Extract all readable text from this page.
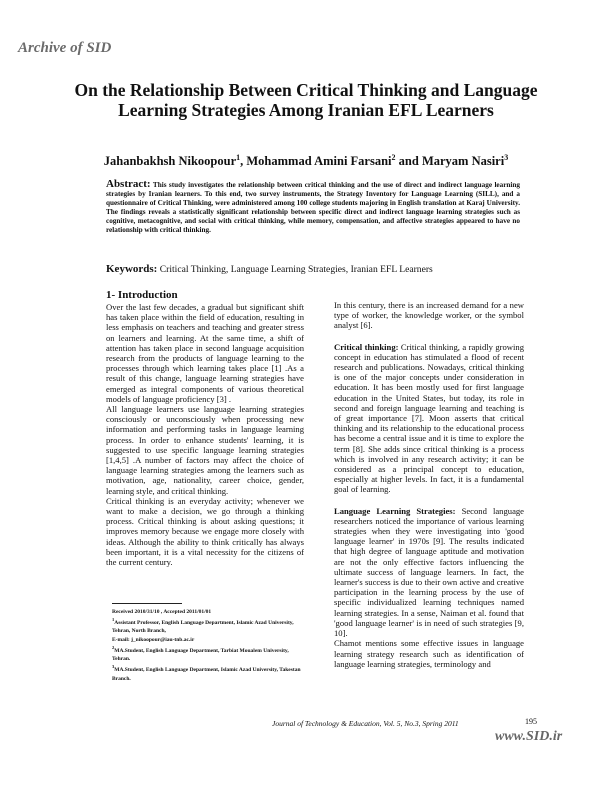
Archive of SID
On the Relationship Between Critical Thinking and Language Learning Strategies Among Iranian EFL Learners
Jahanbakhsh Nikoopour$^1$, Mohammad Amini Farsani$^2$ and Maryam Nasiri$^3$
Abstract: This study investigates the relationship between critical thinking and the use of direct and indirect language learning strategies by Iranian learners. To this end, two survey instruments, the Strategy Inventory for Language Learning (SILL), and a questionnaire of Critical Thinking, were administered among 100 college students majoring in English translation at Karaj University. The findings reveals a statistically significant relationship between specific direct and indirect language learning strategies such as cognitive, metacognitive, and social with critical thinking, while memory, compensation, and affective strategies appeared to have no relationship with critical thinking.
Keywords: Critical Thinking, Language Learning Strategies, Iranian EFL Learners
1- Introduction

Over the last few decades, a gradual but significant shift has taken place within the field of education, resulting in less emphasis on teachers and teaching and greater stress on learners and learning. At the same time, a shift of attention has taken place in second language acquisition research from the products of language learning to the processes through which learning takes place [1] .As a result of this change, language learning strategies have emerged as integral components of various theoretical models of language proficiency [3] .

All language learners use language learning strategies consciously or unconsciously when processing new information and performing tasks in language learning process. In order to enhance students' learning, it is suggested to use specific language learning strategies [1,4,5] .A number of factors may affect the choice of language learning strategies among the learners such as motivation, age, nationality, career choice, gender, learning style, and critical thinking.

Critical thinking is an everyday activity; whenever we want to make a decision, we go through a thinking process. Critical thinking is about asking questions; it improves memory because we engage more closely with ideas. Although the ability to think critically has always been important, it is a vital necessity for the citizens of the current century.

In this century, there is an increased demand for a new type of worker, the knowledge worker, or the symbol analyst [6].

Critical thinking: Critical thinking, a rapidly growing concept in education has stimulated a flood of recent research and publications. Nowadays, critical thinking is one of the major concepts under consideration in education. It has been mostly used for first language education in the United States, but today, its role in second and foreign language learning and teaching is of great importance [7]. Moon asserts that critical thinking and its relationship to the educational process has become a central issue and it is time to explore the term [8]. She adds since critical thinking is a process which is involved in any research activity; it can be considered as a principal concept to education, especially at higher levels. In fact, it is a fundamental goal of learning.

Language Learning Strategies: Second language researchers noticed the importance of various learning strategies when they were investigating into 'good language learner' in 1970s [9]. The results indicated that high degree of language aptitude and motivation are not the only effective factors influencing the ultimate success of language learners. In fact, the learner's success is due to their own active and creative participation in the learning process by the use of specific individualized learning techniques named learning strategies. In a sense, Naiman et al. found that 'good language learner' is in need of such strategies [9, 10].

Chamot mentions some effective issues in language learning strategy research such as identification of language learning strategies, terminology and

Received 2010/31/10 , Accepted 2011/01/01
$^1$Assistant Professor, English Language Department, Islamic Azad University, Tehran, North Branch,
E-mail: j_nikoopour@iau-tnb.ac.ir
$^2$MA.Student, English Language Department, Tarbiat Moualem University, Tehran.
$^3$MA.Student, English Language Department, Islamic Azad University, Takestan Branch.
Journal of Technology & Education, Vol. 5, No.3, Spring 2011	195
www.SID.ir
